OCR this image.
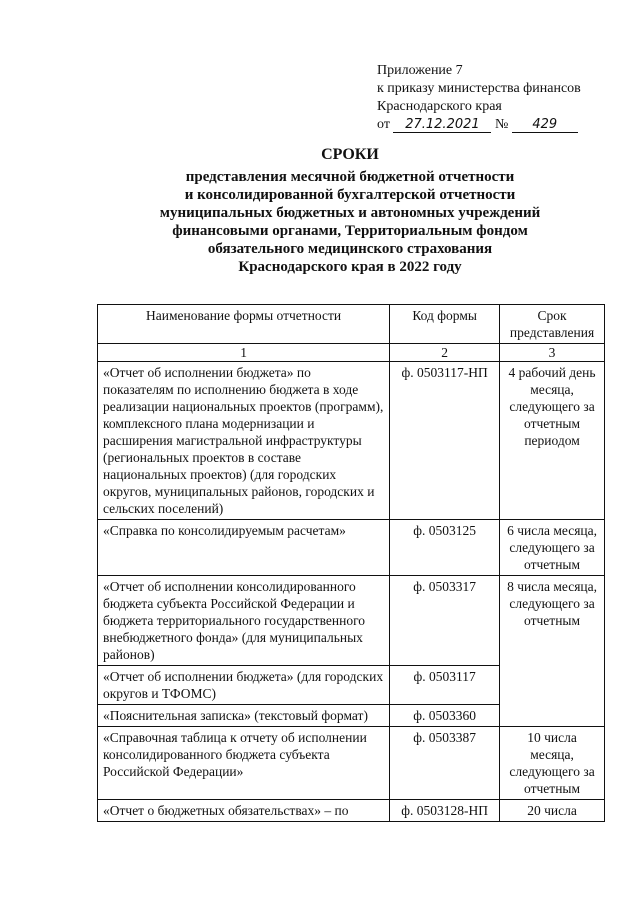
Приложение 7
к приказу министерства финансов
Краснодарского края
от 27.12.2021 № 429
СРОКИ
представления месячной бюджетной отчетности
и консолидированной бухгалтерской отчетности
муниципальных бюджетных и автономных учреждений
финансовыми органами, Территориальным фондом
обязательного медицинского страхования
Краснодарского края в 2022 году
Наименование формы отчетности	Код формы	Срок представления
1	2	3
«Отчет об исполнении бюджета» по показателям по исполнению бюджета в ходе реализации национальных проектов (программ), комплексного плана модернизации и расширения магистральной инфраструктуры (региональных проектов в составе национальных проектов) (для городских округов, муниципальных районов, городских и сельских поселений)	ф. 0503117-НП	4 рабочий день месяца, следующего за отчетным периодом
«Справка по консолидируемым расчетам»	ф. 0503125	6 числа месяца, следующего за отчетным
«Отчет об исполнении консолидированного бюджета субъекта Российской Федерации и бюджета территориального государственного внебюджетного фонда» (для муниципальных районов)	ф. 0503317	8 числа месяца, следующего за отчетным
«Отчет об исполнении бюджета» (для городских округов и ТФОМС)	ф. 0503117	
«Пояснительная записка» (текстовый формат)	ф. 0503360	
«Справочная таблица к отчету об исполнении консолидированного бюджета субъекта Российской Федерации»	ф. 0503387	10 числа месяца, следующего за отчетным
«Отчет о бюджетных обязательствах» – по	ф. 0503128-НП	20 числа
